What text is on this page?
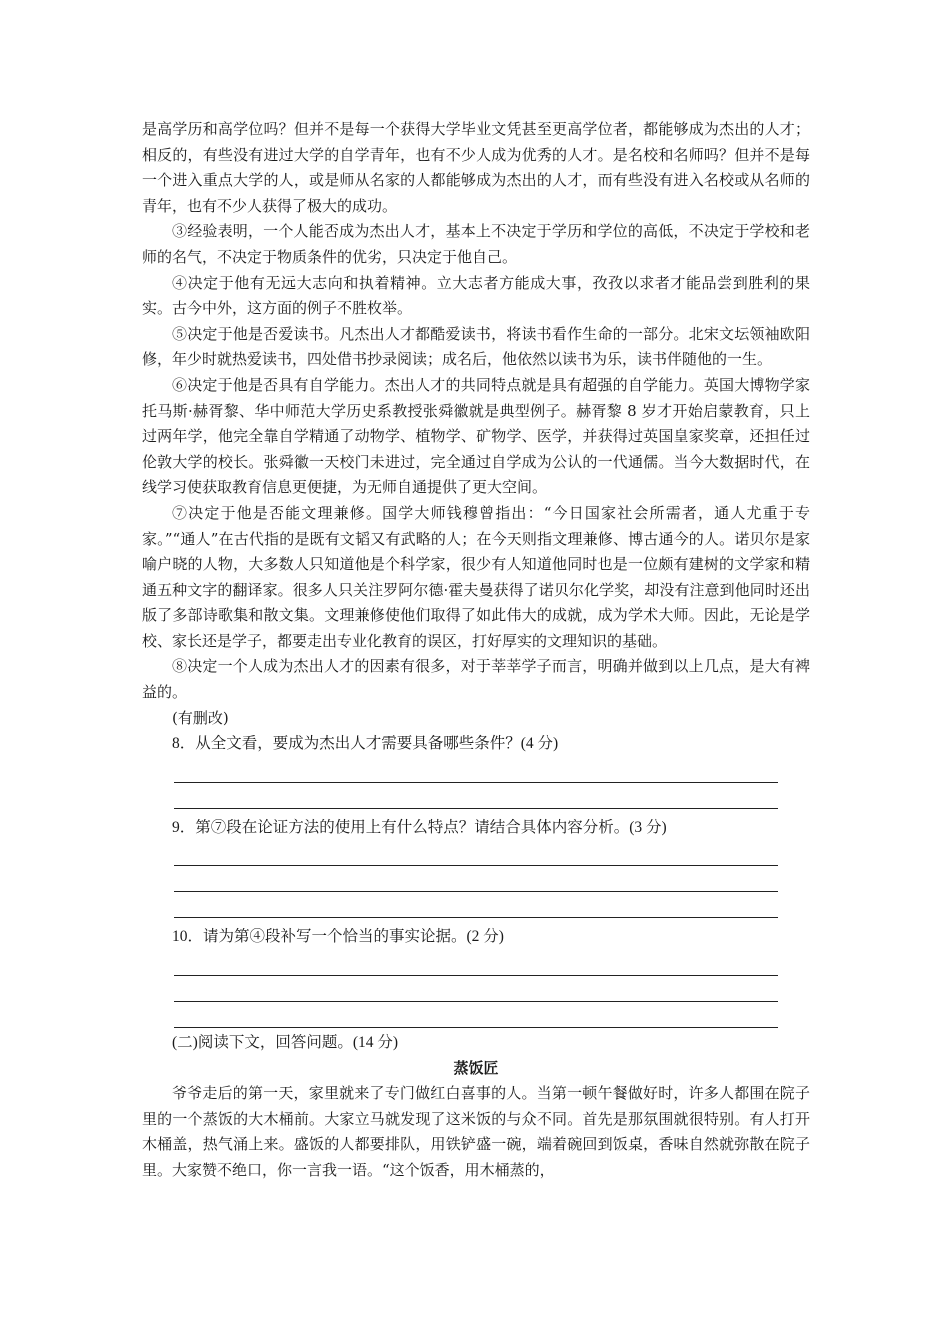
是高学历和高学位吗？但并不是每一个获得大学毕业文凭甚至更高学位者，都能够成为杰出的人才；相反的，有些没有进过大学的自学青年，也有不少人成为优秀的人才。是名校和名师吗？但并不是每一个进入重点大学的人，或是师从名家的人都能够成为杰出的人才，而有些没有进入名校或从名师的青年，也有不少人获得了极大的成功。

③经验表明，一个人能否成为杰出人才，基本上不决定于学历和学位的高低，不决定于学校和老师的名气，不决定于物质条件的优劣，只决定于他自己。

④决定于他有无远大志向和执着精神。立大志者方能成大事，孜孜以求者才能品尝到胜利的果实。古今中外，这方面的例子不胜枚举。

⑤决定于他是否爱读书。凡杰出人才都酷爱读书，将读书看作生命的一部分。北宋文坛领袖欧阳修，年少时就热爱读书，四处借书抄录阅读；成名后，他依然以读书为乐，读书伴随他的一生。

⑥决定于他是否具有自学能力。杰出人才的共同特点就是具有超强的自学能力。英国大博物学家托马斯·赫胥黎、华中师范大学历史系教授张舜徽就是典型例子。赫胥黎 8 岁才开始启蒙教育，只上过两年学，他完全靠自学精通了动物学、植物学、矿物学、医学，并获得过英国皇家奖章，还担任过伦敦大学的校长。张舜徽一天校门未进过，完全通过自学成为公认的一代通儒。当今大数据时代，在线学习使获取教育信息更便捷，为无师自通提供了更大空间。

⑦决定于他是否能文理兼修。国学大师钱穆曾指出：“今日国家社会所需者，通人尤重于专家。”“通人”在古代指的是既有文韬又有武略的人；在今天则指文理兼修、博古通今的人。诺贝尔是家喻户晓的人物，大多数人只知道他是个科学家，很少有人知道他同时也是一位颇有建树的文学家和精通五种文字的翻译家。很多人只关注罗阿尔德·霍夫曼获得了诺贝尔化学奖，却没有注意到他同时还出版了多部诗歌集和散文集。文理兼修使他们取得了如此伟大的成就，成为学术大师。因此，无论是学校、家长还是学子，都要走出专业化教育的误区，打好厚实的文理知识的基础。

⑧决定一个人成为杰出人才的因素有很多，对于莘莘学子而言，明确并做到以上几点，是大有裨益的。

(有删改)

8．从全文看，要成为杰出人才需要具备哪些条件？(4 分)

9．第⑦段在论证方法的使用上有什么特点？请结合具体内容分析。(3 分)

10．请为第④段补写一个恰当的事实论据。(2 分)

(二)阅读下文，回答问题。(14 分)

蒸饭匠

爷爷走后的第一天，家里就来了专门做红白喜事的人。当第一顿午餐做好时，许多人都围在院子里的一个蒸饭的大木桶前。大家立马就发现了这米饭的与众不同。首先是那氛围就很特别。有人打开木桶盖，热气涌上来。盛饭的人都要排队，用铁铲盛一碗，端着碗回到饭桌，香味自然就弥散在院子里。大家赞不绝口，你一言我一语。“这个饭香，用木桶蒸的，
